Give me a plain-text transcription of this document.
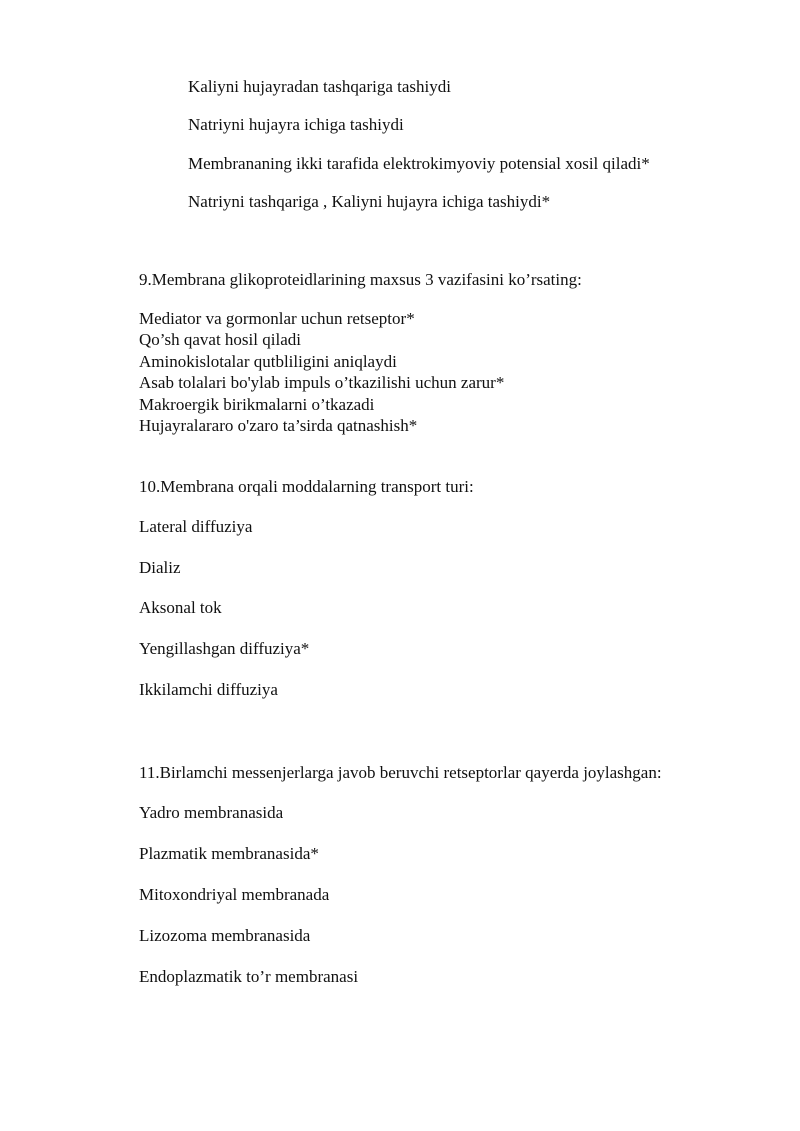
Kaliyni hujayradan tashqariga tashiydi
Natriyni hujayra ichiga tashiydi
Membrananing ikki tarafida elektrokimyoviy potensial xosil qiladi*
Natriyni tashqariga , Kaliyni hujayra ichiga tashiydi*
9.Membrana glikoproteidlarining maxsus 3 vazifasini ko’rsating:
Mediator va gormonlar uchun retseptor*
Qo’sh qavat hosil qiladi
Aminokislotalar qutbliligini aniqlaydi
Asab tolalari bo'ylab impuls o’tkazilishi uchun zarur*
Makroergik birikmalarni o’tkazadi
Hujayralararo o'zaro ta’sirda qatnashish*
10.Membrana orqali moddalarning transport turi:
Lateral diffuziya
Dializ
Aksonal tok
Yengillashgan diffuziya*
Ikkilamchi diffuziya
11.Birlamchi messenjerlarga javob beruvchi retseptorlar qayerda joylashgan:
Yadro membranasida
Plazmatik membranasida*
Mitoxondriyal membranada
Lizozoma membranasida
Endoplazmatik to’r membranasi
